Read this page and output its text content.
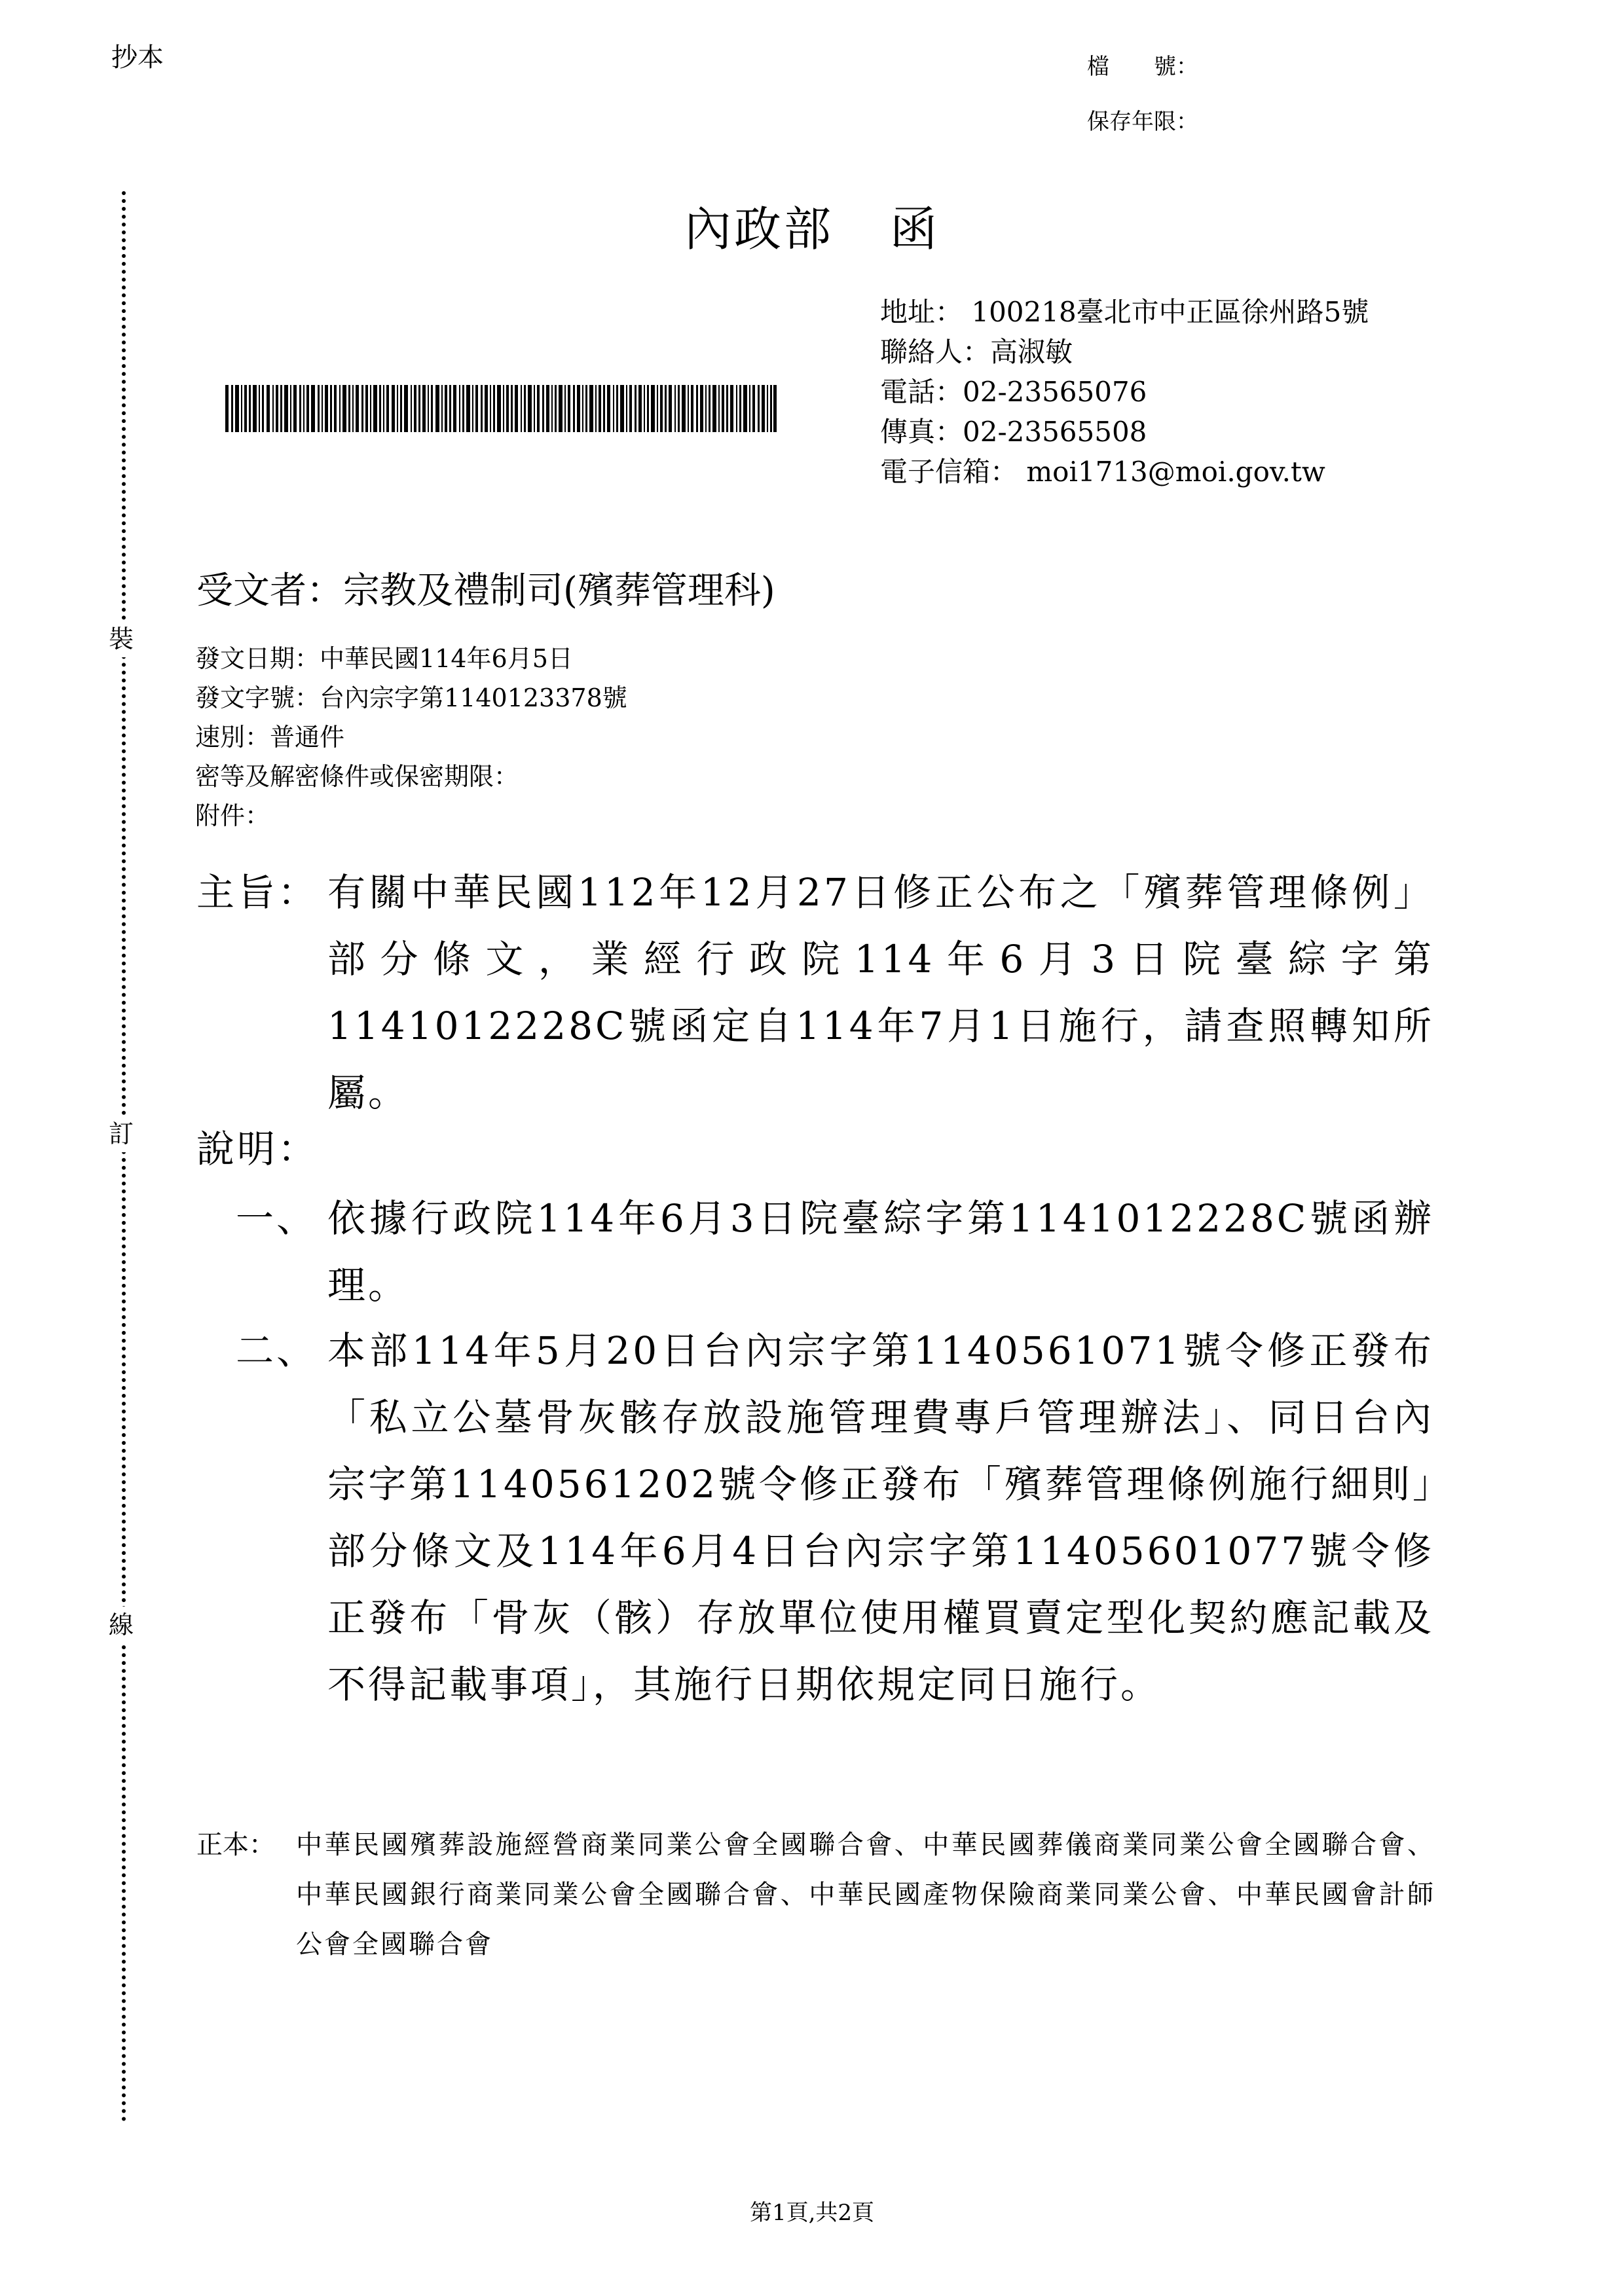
抄本	檔　　號：
保存年限：
裝
訂
線
內政部 函
地址： 100218臺北市中正區徐州路5號
聯絡人：高淑敏
電話：02-23565076
傳真：02-23565508
電子信箱： moi1713@moi.gov.tw
受文者：宗教及禮制司(殯葬管理科)
發文日期：中華民國114年6月5日
發文字號：台內宗字第1140123378號
速別：普通件
密等及解密條件或保密期限：
附件：
主旨： 有關中華民國112年12月27日修正公布之「殯葬管理條例」部分條文，業經行政院114年6月3日院臺綜字第1141012228C號函定自114年7月1日施行，請查照轉知所屬。
說明：
一、 依據行政院114年6月3日院臺綜字第1141012228C號函辦理。
二、 本部114年5月20日台內宗字第1140561071號令修正發布「私立公墓骨灰骸存放設施管理費專戶管理辦法」、同日台內宗字第1140561202號令修正發布「殯葬管理條例施行細則」部分條文及114年6月4日台內宗字第11405601077號令修正發布「骨灰（骸）存放單位使用權買賣定型化契約應記載及不得記載事項」，其施行日期依規定同日施行。
正本： 中華民國殯葬設施經營商業同業公會全國聯合會、中華民國葬儀商業同業公會全國聯合會、中華民國銀行商業同業公會全國聯合會、中華民國產物保險商業同業公會、中華民國會計師公會全國聯合會
第1頁,共2頁
